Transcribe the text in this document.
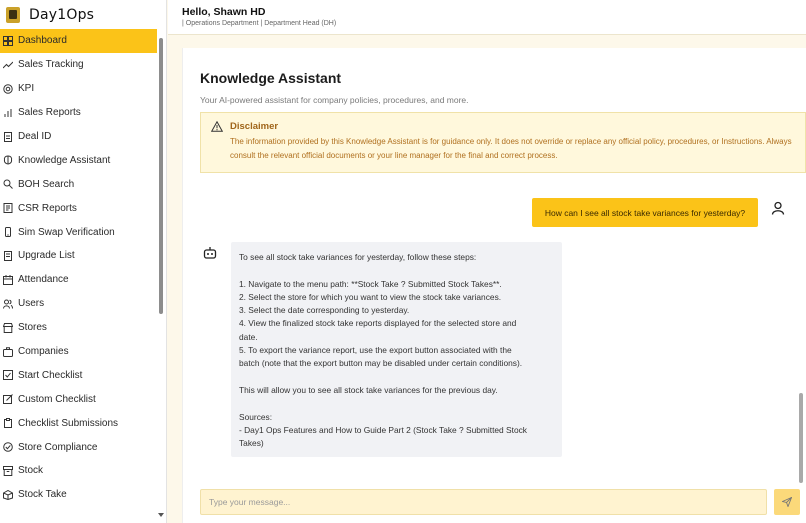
Day1Ops
Dashboard
Sales Tracking
KPI
Sales Reports
Deal ID
Knowledge Assistant
BOH Search
CSR Reports
Sim Swap Verification
Upgrade List
Attendance
Users
Stores
Companies
Start Checklist
Custom Checklist
Checklist Submissions
Store Compliance
Stock
Stock Take
Hello, Shawn HD
| Operations Department | Department Head (DH)
Knowledge Assistant
Your AI-powered assistant for company policies, procedures, and more.
Disclaimer
The information provided by this Knowledge Assistant is for guidance only. It does not override or replace any official policy, procedures, or Instructions. Always consult the relevant official documents or your line manager for the final and correct process.
How can I see all stock take variances for yesterday?
To see all stock take variances for yesterday, follow these steps:
1. Navigate to the menu path: **Stock Take ? Submitted Stock Takes**.
2. Select the store for which you want to view the stock take variances.
3. Select the date corresponding to yesterday.
4. View the finalized stock take reports displayed for the selected store and
date.
5. To export the variance report, use the export button associated with the
batch (note that the export button may be disabled under certain conditions).
This will allow you to see all stock take variances for the previous day.
Sources:
- Day1 Ops Features and How to Guide Part 2 (Stock Take ? Submitted Stock
Takes)
Type your message...
